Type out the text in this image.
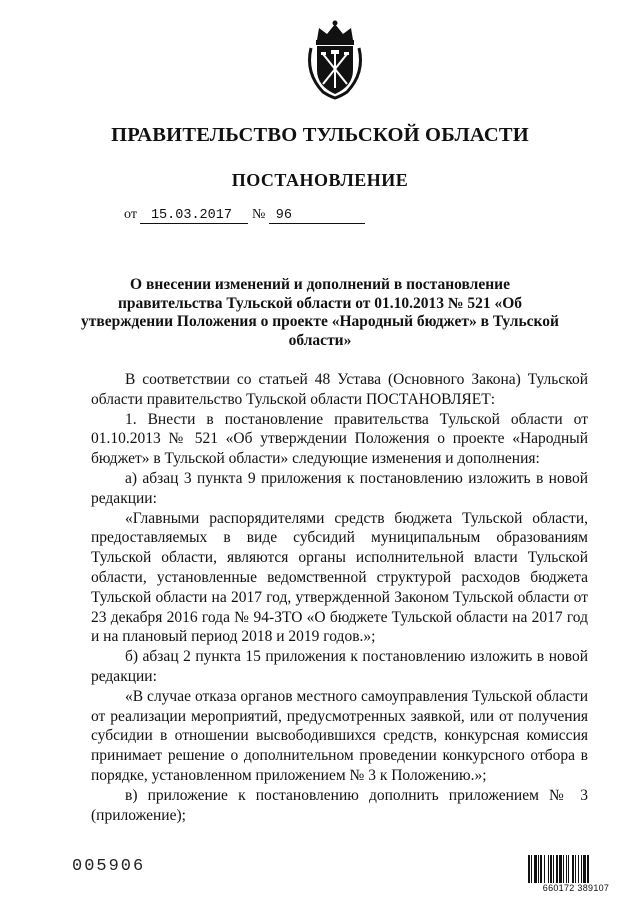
ПРАВИТЕЛЬСТВО ТУЛЬСКОЙ ОБЛАСТИ
ПОСТАНОВЛЕНИЕ
от 15.03.2017 № 96
О внесении изменений и дополнений в постановление правительства Тульской области от 01.10.2013 № 521 «Об утверждении Положения о проекте «Народный бюджет» в Тульской области»

В соответствии со статьей 48 Устава (Основного Закона) Тульской области правительство Тульской области ПОСТАНОВЛЯЕТ:

1. Внести в постановление правительства Тульской области от 01.10.2013 № 521 «Об утверждении Положения о проекте «Народный бюджет» в Тульской области» следующие изменения и дополнения:

а) абзац 3 пункта 9 приложения к постановлению изложить в новой редакции:

«Главными распорядителями средств бюджета Тульской области, предоставляемых в виде субсидий муниципальным образованиям Тульской области, являются органы исполнительной власти Тульской области, установленные ведомственной структурой расходов бюджета Тульской области на 2017 год, утвержденной Законом Тульской области от 23 декабря 2016 года № 94-ЗТО «О бюджете Тульской области на 2017 год и на плановый период 2018 и 2019 годов.»;

б) абзац 2 пункта 15 приложения к постановлению изложить в новой редакции:

«В случае отказа органов местного самоуправления Тульской области от реализации мероприятий, предусмотренных заявкой, или от получения субсидии в отношении высвободившихся средств, конкурсная комиссия принимает решение о дополнительном проведении конкурсного отбора в порядке, установленном приложением № 3 к Положению.»;

в) приложение к постановлению дополнить приложением № 3 (приложение);

005906
660172 389107
